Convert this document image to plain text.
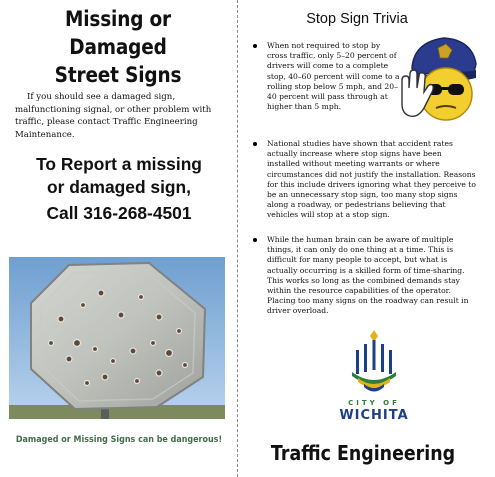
Missing or Damaged
Street Signs
If you should see a damaged sign, malfunctioning signal, or other problem with traffic, please contact Traffic Engineering Maintenance.
To Report a missing
or damaged sign,
Call 316-268-4501
Damaged or Missing Signs can be dangerous!
Stop Sign Trivia
When not required to stop by cross traffic, only 5–20 percent of drivers will come to a complete stop, 40–60 percent will come to a rolling stop below 5 mph, and 20–40 percent will pass through at higher than 5 mph.
National studies have shown that accident rates actually increase where stop signs have been installed without meeting warrants or where circumstances did not justify the installation. Reasons for this include drivers ignoring what they perceive to be an unnecessary stop sign, too many stop signs along a roadway, or pedestrians believing that vehicles will stop at a stop sign.
While the human brain can be aware of multiple things, it can only do one thing at a time. This is difficult for many people to accept, but what is actually occurring is a skilled form of time-sharing. This works so long as the combined demands stay within the resource capabilities of the operator. Placing too many signs on the roadway can result in driver overload.
CITY OF
WICHITA
Traffic Engineering
